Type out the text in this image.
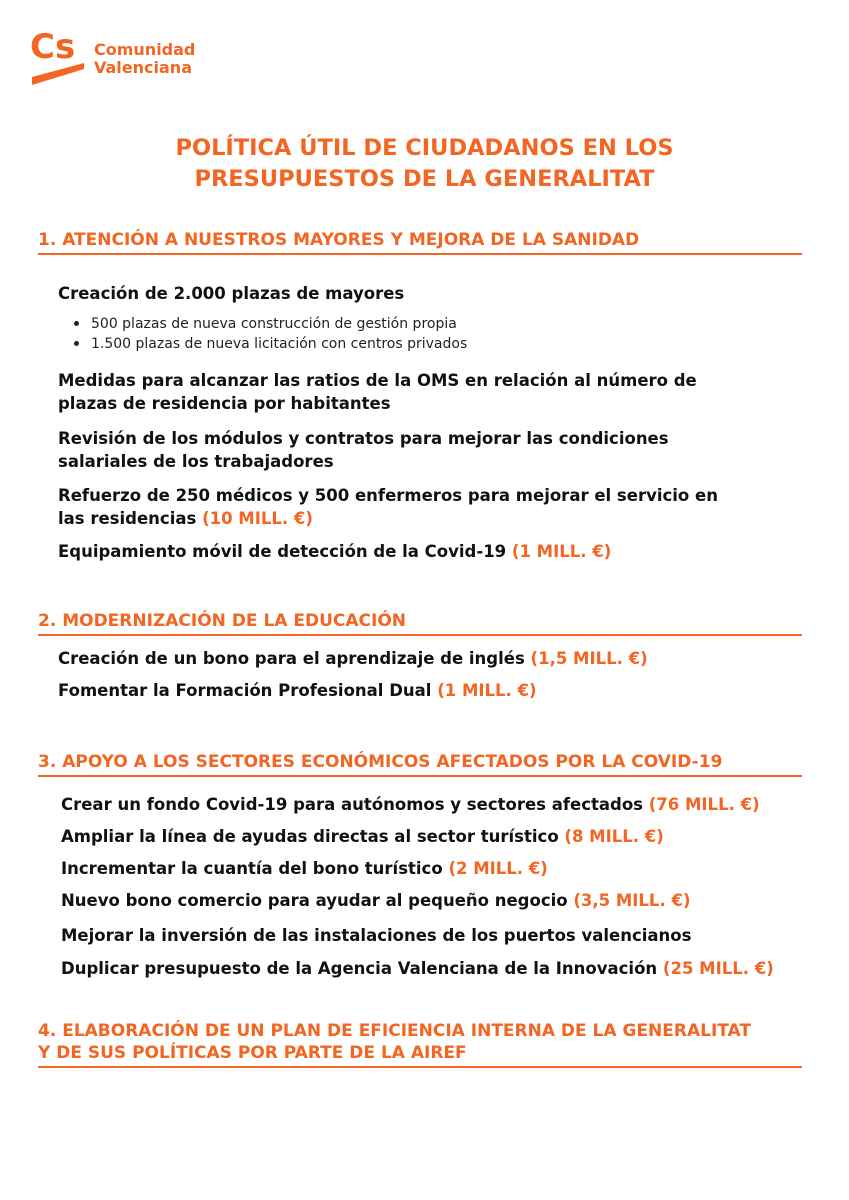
Cs Comunidad
Valenciana
POLÍTICA ÚTIL DE CIUDADANOS EN LOS
PRESUPUESTOS DE LA GENERALITAT
1. ATENCIÓN A NUESTROS MAYORES Y MEJORA DE LA SANIDAD
Creación de 2.000 plazas de mayores
500 plazas de nueva construcción de gestión propia
1.500 plazas de nueva licitación con centros privados
Medidas para alcanzar las ratios de la OMS en relación al número de
plazas de residencia por habitantes
Revisión de los módulos y contratos para mejorar las condiciones
salariales de los trabajadores
Refuerzo de 250 médicos y 500 enfermeros para mejorar el servicio en
las residencias (10 MILL. €)
Equipamiento móvil de detección de la Covid-19 (1 MILL. €)
2. MODERNIZACIÓN DE LA EDUCACIÓN
Creación de un bono para el aprendizaje de inglés (1,5 MILL. €)
Fomentar la Formación Profesional Dual (1 MILL. €)
3. APOYO A LOS SECTORES ECONÓMICOS AFECTADOS POR LA COVID-19
Crear un fondo Covid-19 para autónomos y sectores afectados (76 MILL. €)
Ampliar la línea de ayudas directas al sector turístico (8 MILL. €)
Incrementar la cuantía del bono turístico (2 MILL. €)
Nuevo bono comercio para ayudar al pequeño negocio (3,5 MILL. €)
Mejorar la inversión de las instalaciones de los puertos valencianos
Duplicar presupuesto de la Agencia Valenciana de la Innovación (25 MILL. €)
4. ELABORACIÓN DE UN PLAN DE EFICIENCIA INTERNA DE LA GENERALITAT
Y DE SUS POLÍTICAS POR PARTE DE LA AIREF
